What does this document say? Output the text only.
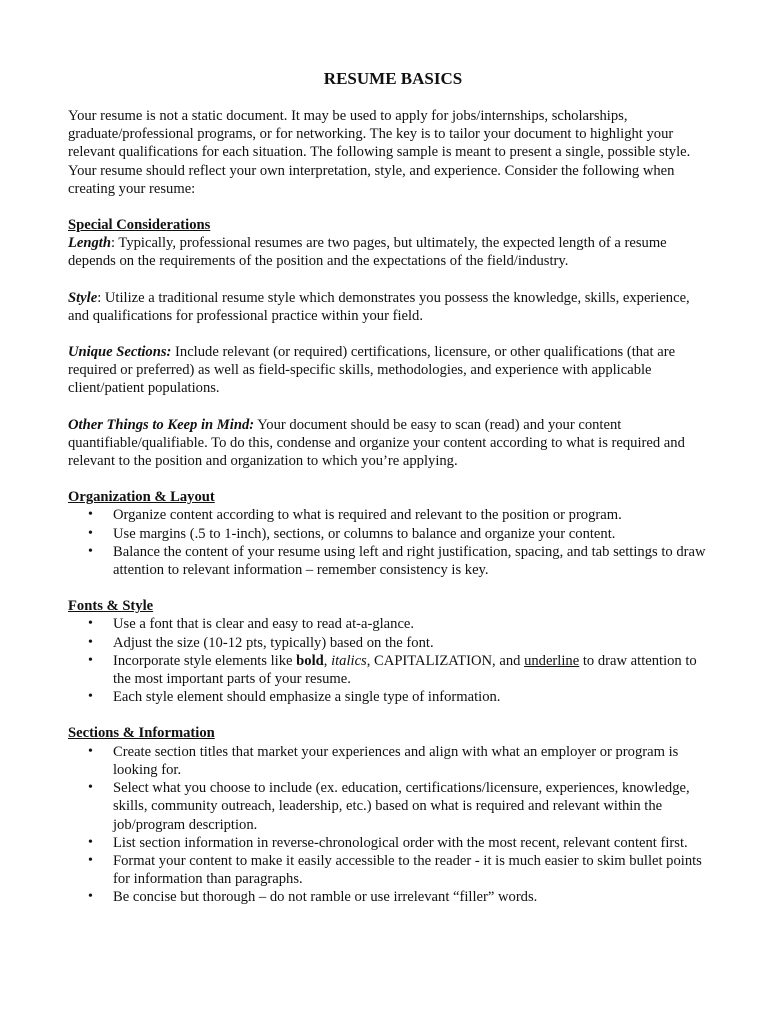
RESUME BASICS

Your resume is not a static document. It may be used to apply for jobs/internships, scholarships, graduate/professional programs, or for networking. The key is to tailor your document to highlight your relevant qualifications for each situation. The following sample is meant to present a single, possible style. Your resume should reflect your own interpretation, style, and experience. Consider the following when creating your resume:

Special Considerations

Length: Typically, professional resumes are two pages, but ultimately, the expected length of a resume depends on the requirements of the position and the expectations of the field/industry.

Style: Utilize a traditional resume style which demonstrates you possess the knowledge, skills, experience, and qualifications for professional practice within your field.

Unique Sections: Include relevant (or required) certifications, licensure, or other qualifications (that are required or preferred) as well as field-specific skills, methodologies, and experience with applicable client/patient populations.

Other Things to Keep in Mind: Your document should be easy to scan (read) and your content quantifiable/qualifiable. To do this, condense and organize your content according to what is required and relevant to the position and organization to which you’re applying.

Organization & Layout
• Organize content according to what is required and relevant to the position or program.
• Use margins (.5 to 1-inch), sections, or columns to balance and organize your content.
• Balance the content of your resume using left and right justification, spacing, and tab settings to draw attention to relevant information – remember consistency is key.
Fonts & Style
• Use a font that is clear and easy to read at-a-glance.
• Adjust the size (10-12 pts, typically) based on the font.
• Incorporate style elements like bold, italics, CAPITALIZATION, and underline to draw attention to the most important parts of your resume.
• Each style element should emphasize a single type of information.
Sections & Information
• Create section titles that market your experiences and align with what an employer or program is looking for.
• Select what you choose to include (ex. education, certifications/licensure, experiences, knowledge, skills, community outreach, leadership, etc.) based on what is required and relevant within the job/program description.
• List section information in reverse-chronological order with the most recent, relevant content first.
• Format your content to make it easily accessible to the reader - it is much easier to skim bullet points for information than paragraphs.
• Be concise but thorough – do not ramble or use irrelevant “filler” words.
